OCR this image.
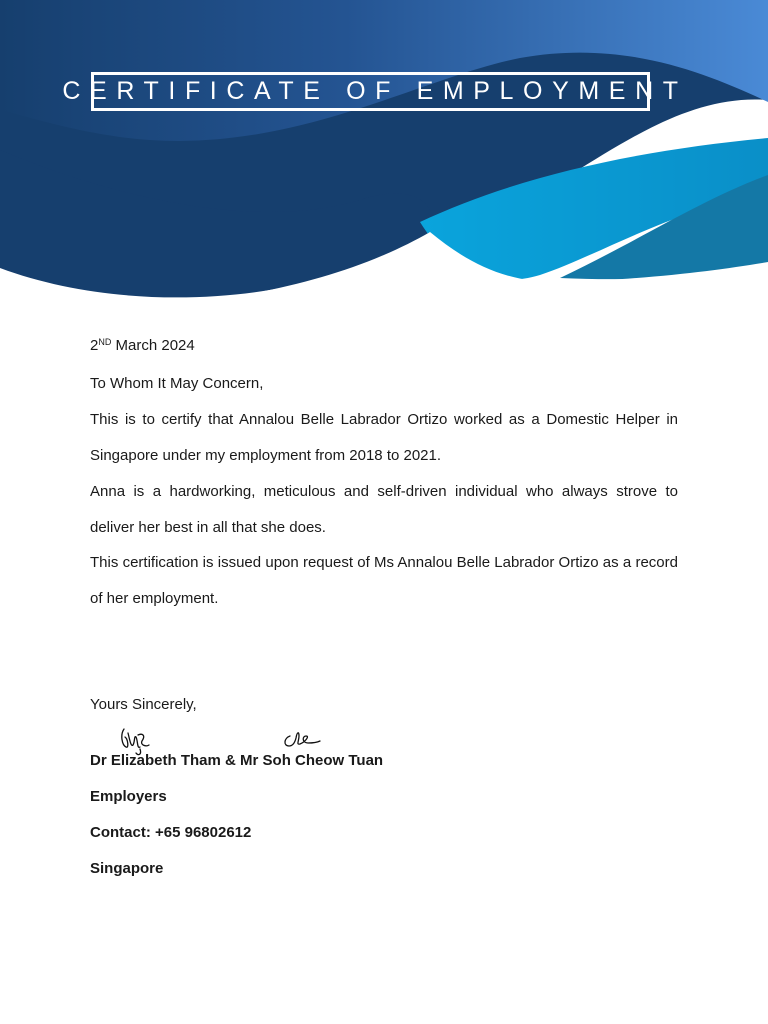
CERTIFICATE OF EMPLOYMENT
2ND March 2024
To Whom It May Concern,
This is to certify that Annalou Belle Labrador Ortizo worked as a Domestic Helper in Singapore under my employment from 2018 to 2021.
Anna is a hardworking, meticulous and self-driven individual who always strove to deliver her best in all that she does.
This certification is issued upon request of Ms Annalou Belle Labrador Ortizo as a record of her employment.
Yours Sincerely,
Dr Elizabeth Tham & Mr Soh Cheow Tuan
Employers
Contact: +65 96802612
Singapore
